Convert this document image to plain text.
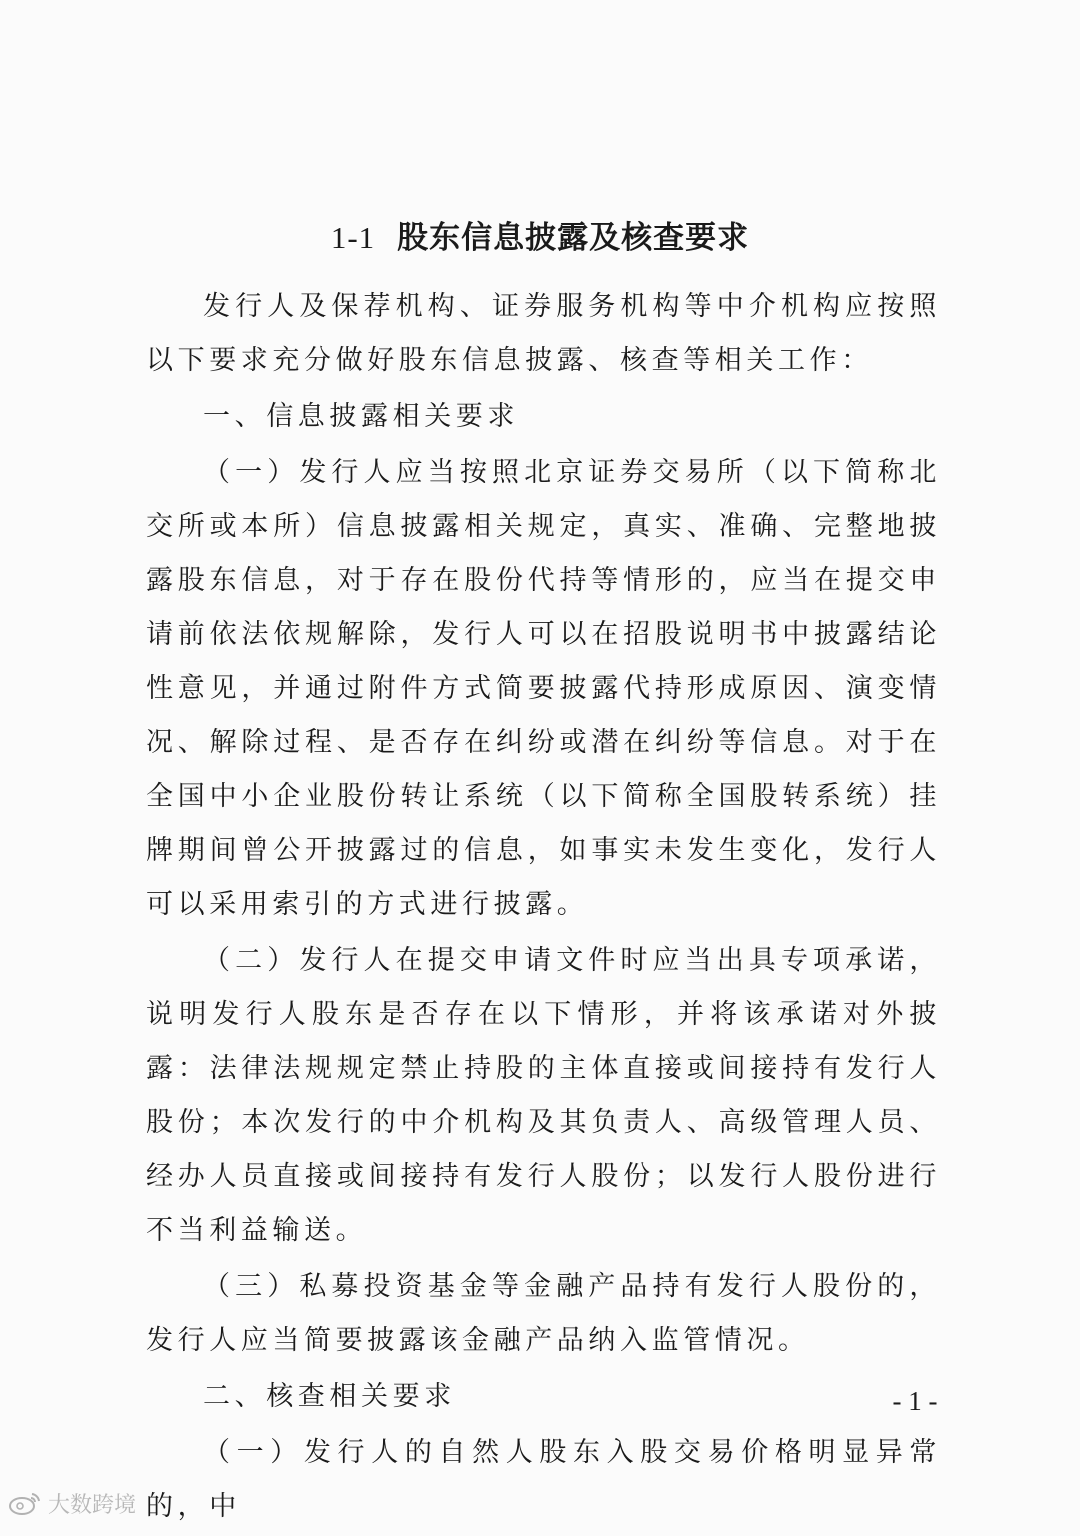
1-1 股东信息披露及核查要求

发行人及保荐机构、证券服务机构等中介机构应按照以下要求充分做好股东信息披露、核查等相关工作：

一、信息披露相关要求

（一）发行人应当按照北京证券交易所（以下简称北交所或本所）信息披露相关规定，真实、准确、完整地披露股东信息，对于存在股份代持等情形的，应当在提交申请前依法依规解除，发行人可以在招股说明书中披露结论性意见，并通过附件方式简要披露代持形成原因、演变情况、解除过程、是否存在纠纷或潜在纠纷等信息。对于在全国中小企业股份转让系统（以下简称全国股转系统）挂牌期间曾公开披露过的信息，如事实未发生变化，发行人可以采用索引的方式进行披露。

（二）发行人在提交申请文件时应当出具专项承诺，说明发行人股东是否存在以下情形，并将该承诺对外披露：法律法规规定禁止持股的主体直接或间接持有发行人股份；本次发行的中介机构及其负责人、高级管理人员、经办人员直接或间接持有发行人股份；以发行人股份进行不当利益输送。

（三）私募投资基金等金融产品持有发行人股份的，发行人应当简要披露该金融产品纳入监管情况。

二、核查相关要求

（一）发行人的自然人股东入股交易价格明显异常的，中

- 1 -
大数跨境
